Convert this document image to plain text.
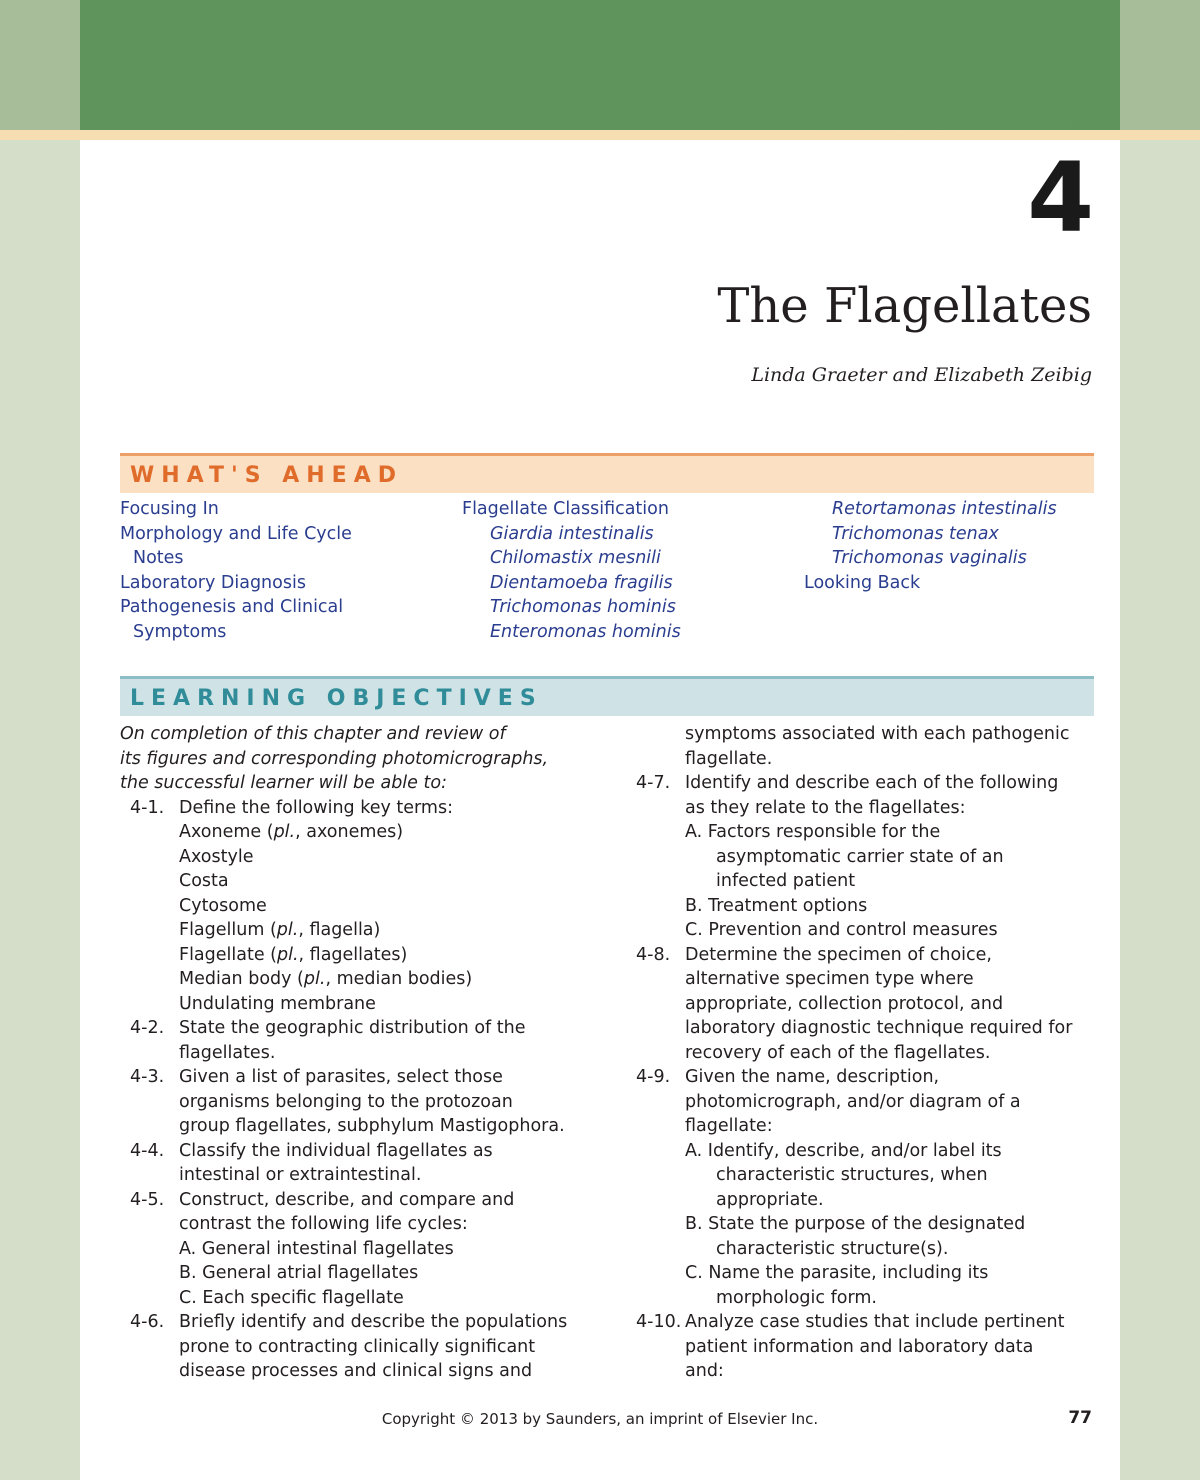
CHAPTER

4

The Flagellates

Linda Graeter and Elizabeth Zeibig

WHAT'S AHEAD
Focusing In
Morphology and Life Cycle
Notes
Laboratory Diagnosis
Pathogenesis and Clinical
Symptoms
Flagellate Classification
Giardia intestinalis
Chilomastix mesnili
Dientamoeba fragilis
Trichomonas hominis
Enteromonas hominis
Retortamonas intestinalis
Trichomonas tenax
Trichomonas vaginalis
Looking Back
LEARNING OBJECTIVES
On completion of this chapter and review of
its figures and corresponding photomicrographs,
the successful learner will be able to:
4-1. Define the following key terms:
Axoneme (pl., axonemes)
Axostyle
Costa
Cytosome
Flagellum (pl., flagella)
Flagellate (pl., flagellates)
Median body (pl., median bodies)
Undulating membrane
4-2. State the geographic distribution of the
flagellates.
4-3. Given a list of parasites, select those
organisms belonging to the protozoan
group flagellates, subphylum Mastigophora.
4-4. Classify the individual flagellates as
intestinal or extraintestinal.
4-5. Construct, describe, and compare and
contrast the following life cycles:
A. General intestinal flagellates
B. General atrial flagellates
C. Each specific flagellate
4-6. Briefly identify and describe the populations
prone to contracting clinically significant
disease processes and clinical signs and
symptoms associated with each pathogenic
flagellate.
4-7. Identify and describe each of the following
as they relate to the flagellates:
A. Factors responsible for the
asymptomatic carrier state of an
infected patient
B. Treatment options
C. Prevention and control measures
4-8. Determine the specimen of choice,
alternative specimen type where
appropriate, collection protocol, and
laboratory diagnostic technique required for
recovery of each of the flagellates.
4-9. Given the name, description,
photomicrograph, and/or diagram of a
flagellate:
A. Identify, describe, and/or label its
characteristic structures, when
appropriate.
B. State the purpose of the designated
characteristic structure(s).
C. Name the parasite, including its
morphologic form.
4-10. Analyze case studies that include pertinent
patient information and laboratory data
and:

Copyright © 2013 by Saunders, an imprint of Elsevier Inc.	77
